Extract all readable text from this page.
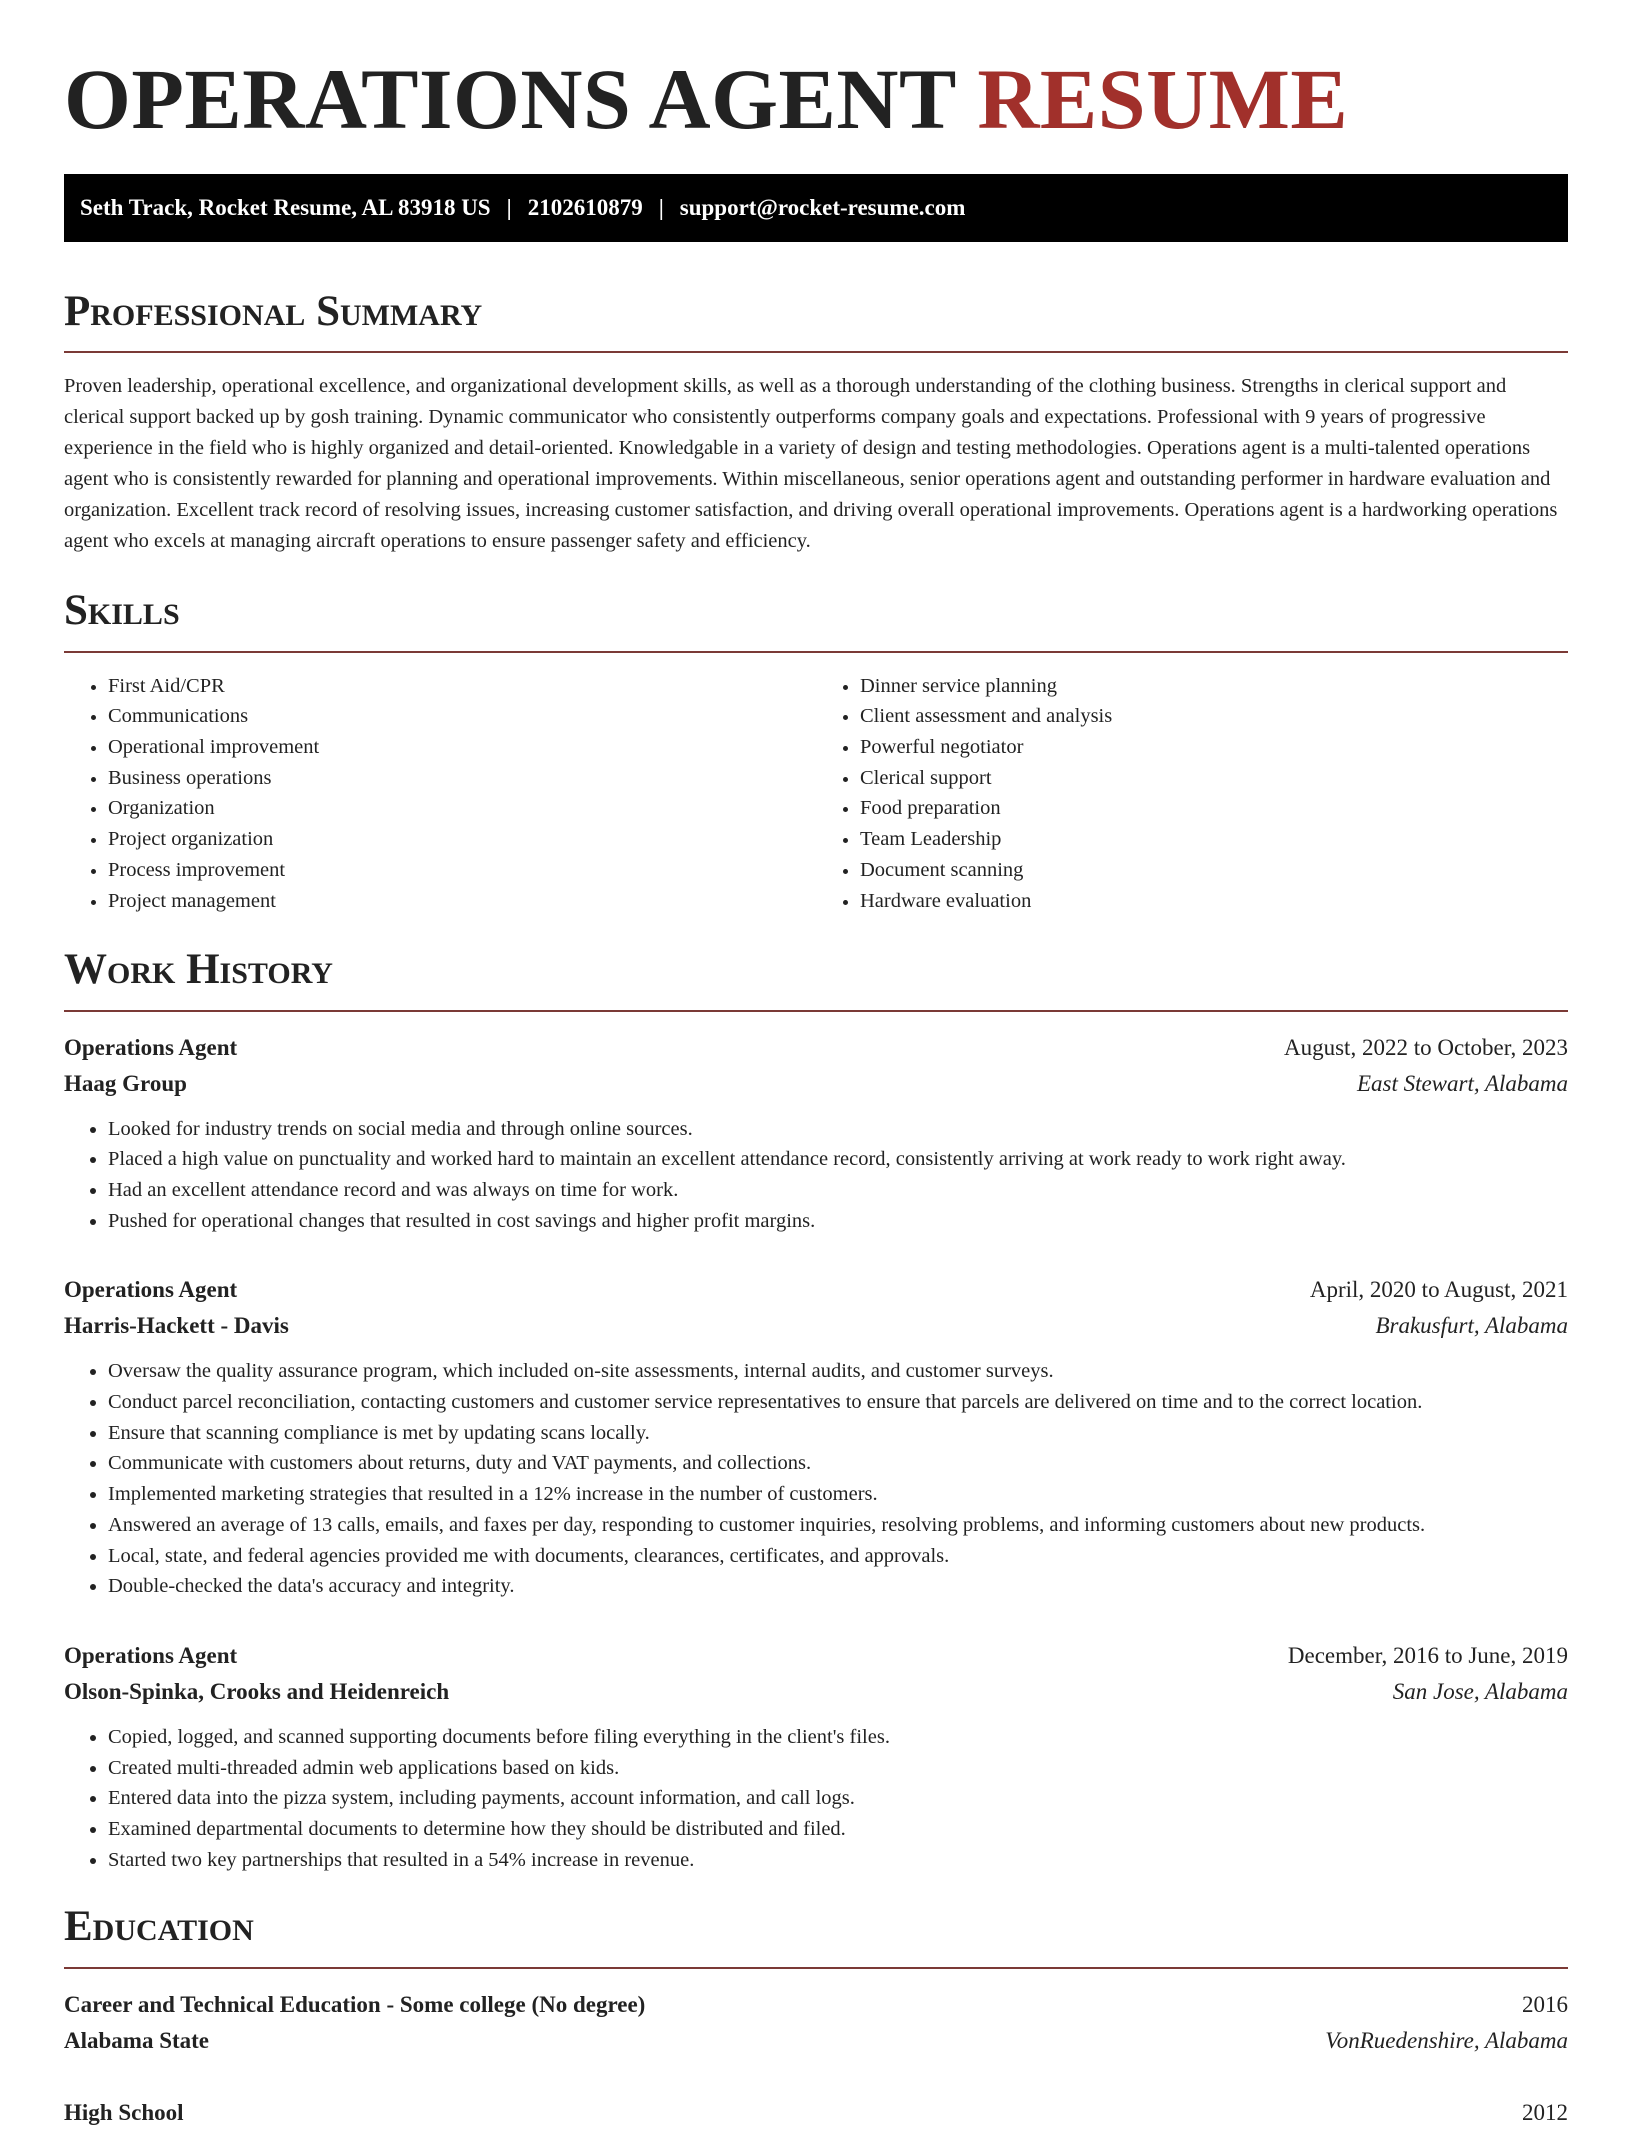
OPERATIONS AGENT RESUME
Seth Track, Rocket Resume, AL 83918 US | 2102610879 | support@rocket-resume.com
Professional Summary

Proven leadership, operational excellence, and organizational development skills, as well as a thorough understanding of the clothing business. Strengths in clerical support and clerical support backed up by gosh training. Dynamic communicator who consistently outperforms company goals and expectations. Professional with 9 years of progressive experience in the field who is highly organized and detail-oriented. Knowledgable in a variety of design and testing methodologies. Operations agent is a multi-talented operations agent who is consistently rewarded for planning and operational improvements. Within miscellaneous, senior operations agent and outstanding performer in hardware evaluation and organization. Excellent track record of resolving issues, increasing customer satisfaction, and driving overall operational improvements. Operations agent is a hardworking operations agent who excels at managing aircraft operations to ensure passenger safety and efficiency.

Skills
• First Aid/CPR
• Communications
• Operational improvement
• Business operations
• Organization
• Project organization
• Process improvement
• Project management
• Dinner service planning
• Client assessment and analysis
• Powerful negotiator
• Clerical support
• Food preparation
• Team Leadership
• Document scanning
• Hardware evaluation
Work History
Operations Agent	August, 2022 to October, 2023
Haag Group	East Stewart, Alabama
• Looked for industry trends on social media and through online sources.
• Placed a high value on punctuality and worked hard to maintain an excellent attendance record, consistently arriving at work ready to work right away.
• Had an excellent attendance record and was always on time for work.
• Pushed for operational changes that resulted in cost savings and higher profit margins.
Operations Agent	April, 2020 to August, 2021
Harris-Hackett - Davis	Brakusfurt, Alabama
• Oversaw the quality assurance program, which included on-site assessments, internal audits, and customer surveys.
• Conduct parcel reconciliation, contacting customers and customer service representatives to ensure that parcels are delivered on time and to the correct location.
• Ensure that scanning compliance is met by updating scans locally.
• Communicate with customers about returns, duty and VAT payments, and collections.
• Implemented marketing strategies that resulted in a 12% increase in the number of customers.
• Answered an average of 13 calls, emails, and faxes per day, responding to customer inquiries, resolving problems, and informing customers about new products.
• Local, state, and federal agencies provided me with documents, clearances, certificates, and approvals.
• Double-checked the data's accuracy and integrity.
Operations Agent	December, 2016 to June, 2019
Olson-Spinka, Crooks and Heidenreich	San Jose, Alabama
• Copied, logged, and scanned supporting documents before filing everything in the client's files.
• Created multi-threaded admin web applications based on kids.
• Entered data into the pizza system, including payments, account information, and call logs.
• Examined departmental documents to determine how they should be distributed and filed.
• Started two key partnerships that resulted in a 54% increase in revenue.
Education
Career and Technical Education - Some college (No degree)	2016
Alabama State	VonRuedenshire, Alabama
High School	2012
